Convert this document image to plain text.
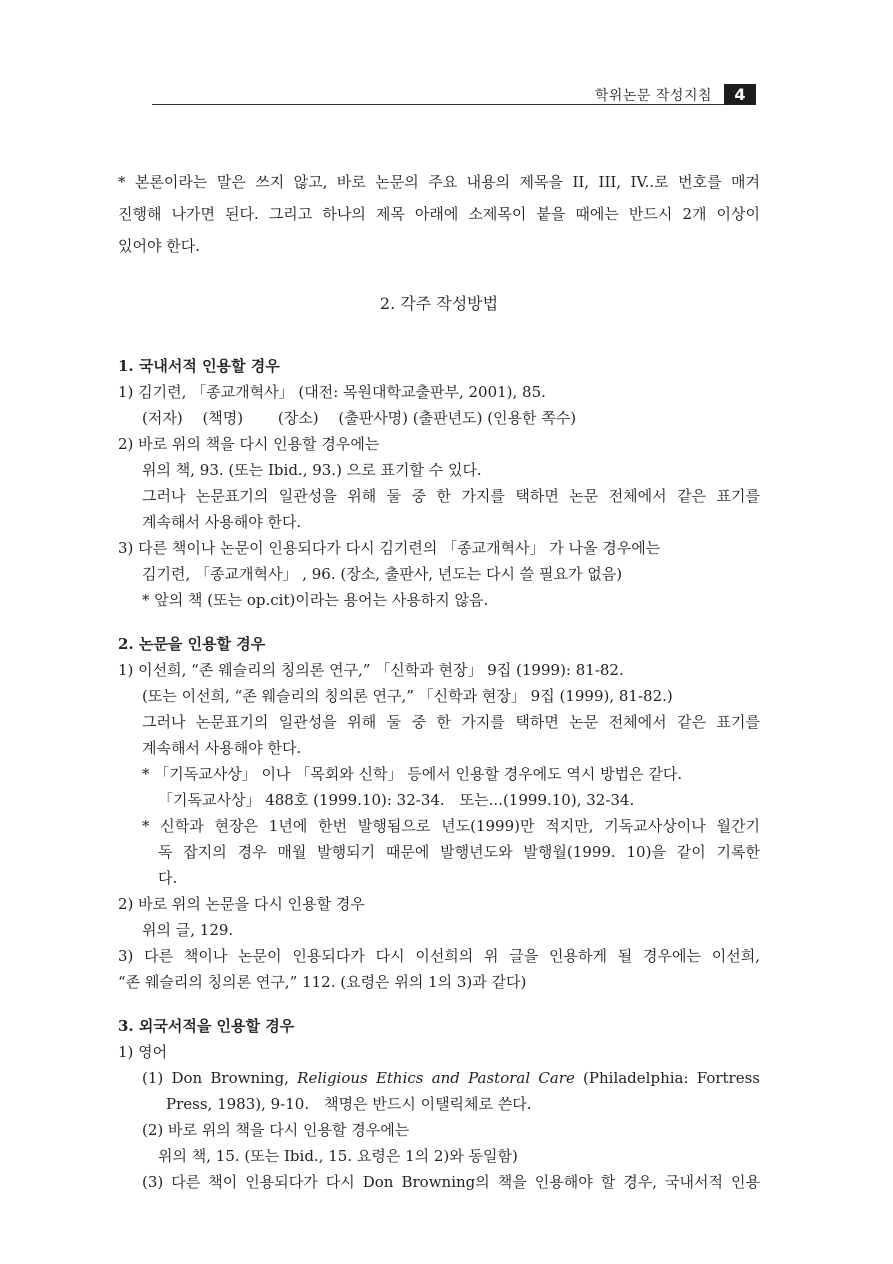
학위논문 작성지침	4
* 본론이라는 말은 쓰지 않고, 바로 논문의 주요 내용의 제목을 II, III, IV..로 번호를 매겨
진행해 나가면 된다. 그리고 하나의 제목 아래에 소제목이 붙을 때에는 반드시 2개 이상이
있어야 한다.
2. 각주 작성방법
1. 국내서적 인용할 경우
1) 김기련, 「종교개혁사」 (대전: 목원대학교출판부, 2001), 85.
(저자)　 (책명)　　 (장소)　 (출판사명) (출판년도) (인용한 쪽수)
2) 바로 위의 책을 다시 인용할 경우에는
위의 책, 93. (또는 Ibid., 93.) 으로 표기할 수 있다.
그러나 논문표기의 일관성을 위해 둘 중 한 가지를 택하면 논문 전체에서 같은 표기를
계속해서 사용해야 한다.
3) 다른 책이나 논문이 인용되다가 다시 김기련의 「종교개혁사」 가 나올 경우에는
김기련, 「종교개혁사」 , 96. (장소, 출판사, 년도는 다시 쓸 필요가 없음)
* 앞의 책 (또는 op.cit)이라는 용어는 사용하지 않음.
2. 논문을 인용할 경우
1) 이선희, “존 웨슬리의 칭의론 연구,” 「신학과 현장」 9집 (1999): 81-82.
(또는 이선희, “존 웨슬리의 칭의론 연구,” 「신학과 현장」 9집 (1999), 81-82.)
그러나 논문표기의 일관성을 위해 둘 중 한 가지를 택하면 논문 전체에서 같은 표기를
계속해서 사용해야 한다.
* 「기독교사상」 이나 「목회와 신학」 등에서 인용할 경우에도 역시 방법은 같다.
「기독교사상」 488호 (1999.10): 32-34.　또는...(1999.10), 32-34.
* 신학과 현장은 1년에 한번 발행됨으로 년도(1999)만 적지만, 기독교사상이나 월간기
독 잡지의 경우 매월 발행되기 때문에 발행년도와 발행월(1999. 10)을 같이 기록한
다.
2) 바로 위의 논문을 다시 인용할 경우
위의 글, 129.
3) 다른 책이나 논문이 인용되다가 다시 이선희의 위 글을 인용하게 될 경우에는 이선희,
“존 웨슬리의 칭의론 연구,” 112. (요령은 위의 1의 3)과 같다)
3. 외국서적을 인용할 경우
1) 영어
(1) Don Browning, Religious Ethics and Pastoral Care (Philadelphia: Fortress
Press, 1983), 9-10.　책명은 반드시 이탤릭체로 쓴다.
(2) 바로 위의 책을 다시 인용할 경우에는
위의 책, 15. (또는 Ibid., 15. 요령은 1의 2)와 동일함)
(3) 다른 책이 인용되다가 다시 Don Browning의 책을 인용해야 할 경우, 국내서적 인용
